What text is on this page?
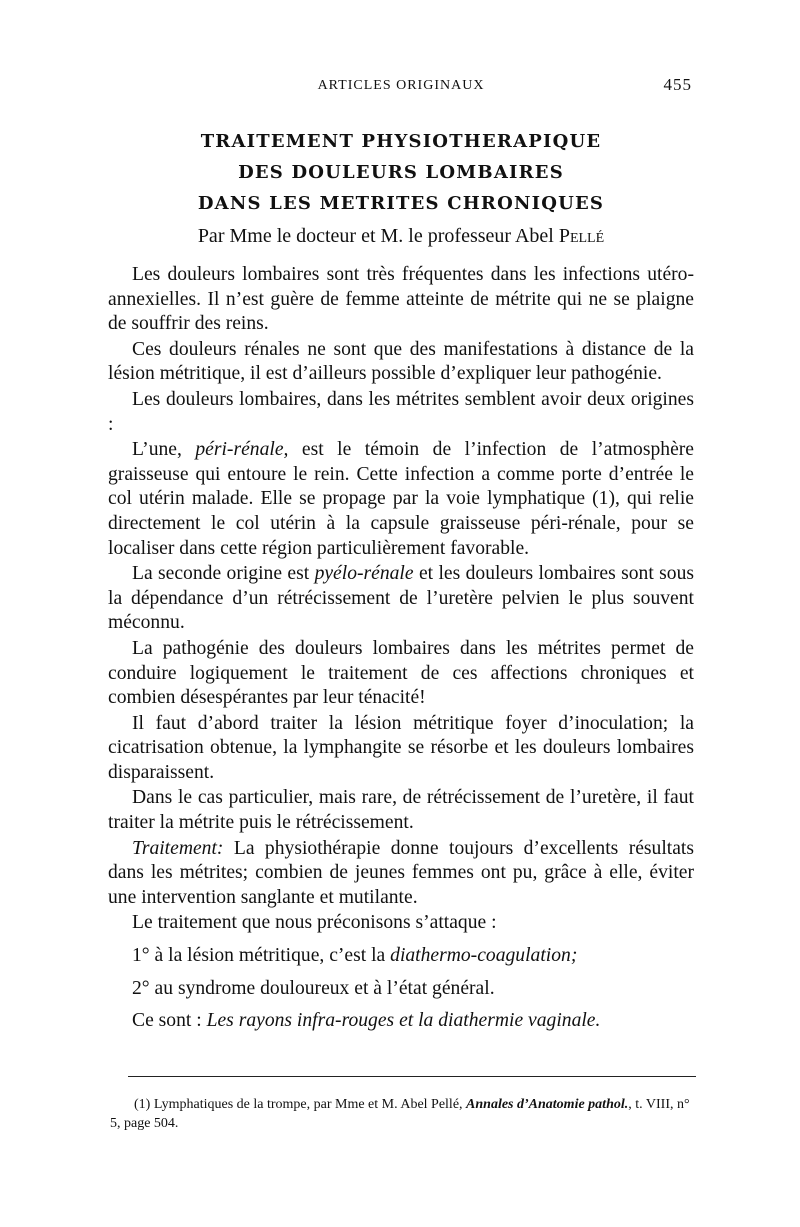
ARTICLES ORIGINAUX	455
TRAITEMENT PHYSIOTHERAPIQUE
DES DOULEURS LOMBAIRES
DANS LES METRITES CHRONIQUES
Par Mme le docteur et M. le professeur Abel Pellé

Les douleurs lombaires sont très fréquentes dans les infections utéro-annexielles. Il n’est guère de femme atteinte de métrite qui ne se plaigne de souffrir des reins.

Ces douleurs rénales ne sont que des manifestations à distance de la lésion métritique, il est d’ailleurs possible d’expliquer leur pathogénie.

Les douleurs lombaires, dans les métrites semblent avoir deux origines :

L’une, péri-rénale, est le témoin de l’infection de l’atmosphère graisseuse qui entoure le rein. Cette infection a comme porte d’entrée le col utérin malade. Elle se propage par la voie lymphatique (1), qui relie directement le col utérin à la capsule graisseuse péri-rénale, pour se localiser dans cette région particulièrement favorable.

La seconde origine est pyélo-rénale et les douleurs lombaires sont sous la dépendance d’un rétrécissement de l’uretère pelvien le plus souvent méconnu.

La pathogénie des douleurs lombaires dans les métrites permet de conduire logiquement le traitement de ces affections chroniques et combien désespérantes par leur ténacité!

Il faut d’abord traiter la lésion métritique foyer d’inoculation; la cicatrisation obtenue, la lymphangite se résorbe et les douleurs lombaires disparaissent.

Dans le cas particulier, mais rare, de rétrécissement de l’uretère, il faut traiter la métrite puis le rétrécissement.

Traitement: La physiothérapie donne toujours d’excellents résultats dans les métrites; combien de jeunes femmes ont pu, grâce à elle, éviter une intervention sanglante et mutilante.

Le traitement que nous préconisons s’attaque :

1° à la lésion métritique, c’est la diathermo-coagulation;

2° au syndrome douloureux et à l’état général.

Ce sont : Les rayons infra-rouges et la diathermie vaginale.

(1) Lymphatiques de la trompe, par Mme et M. Abel Pellé, Annales d’Anatomie pathol., t. VIII, n° 5, page 504.
